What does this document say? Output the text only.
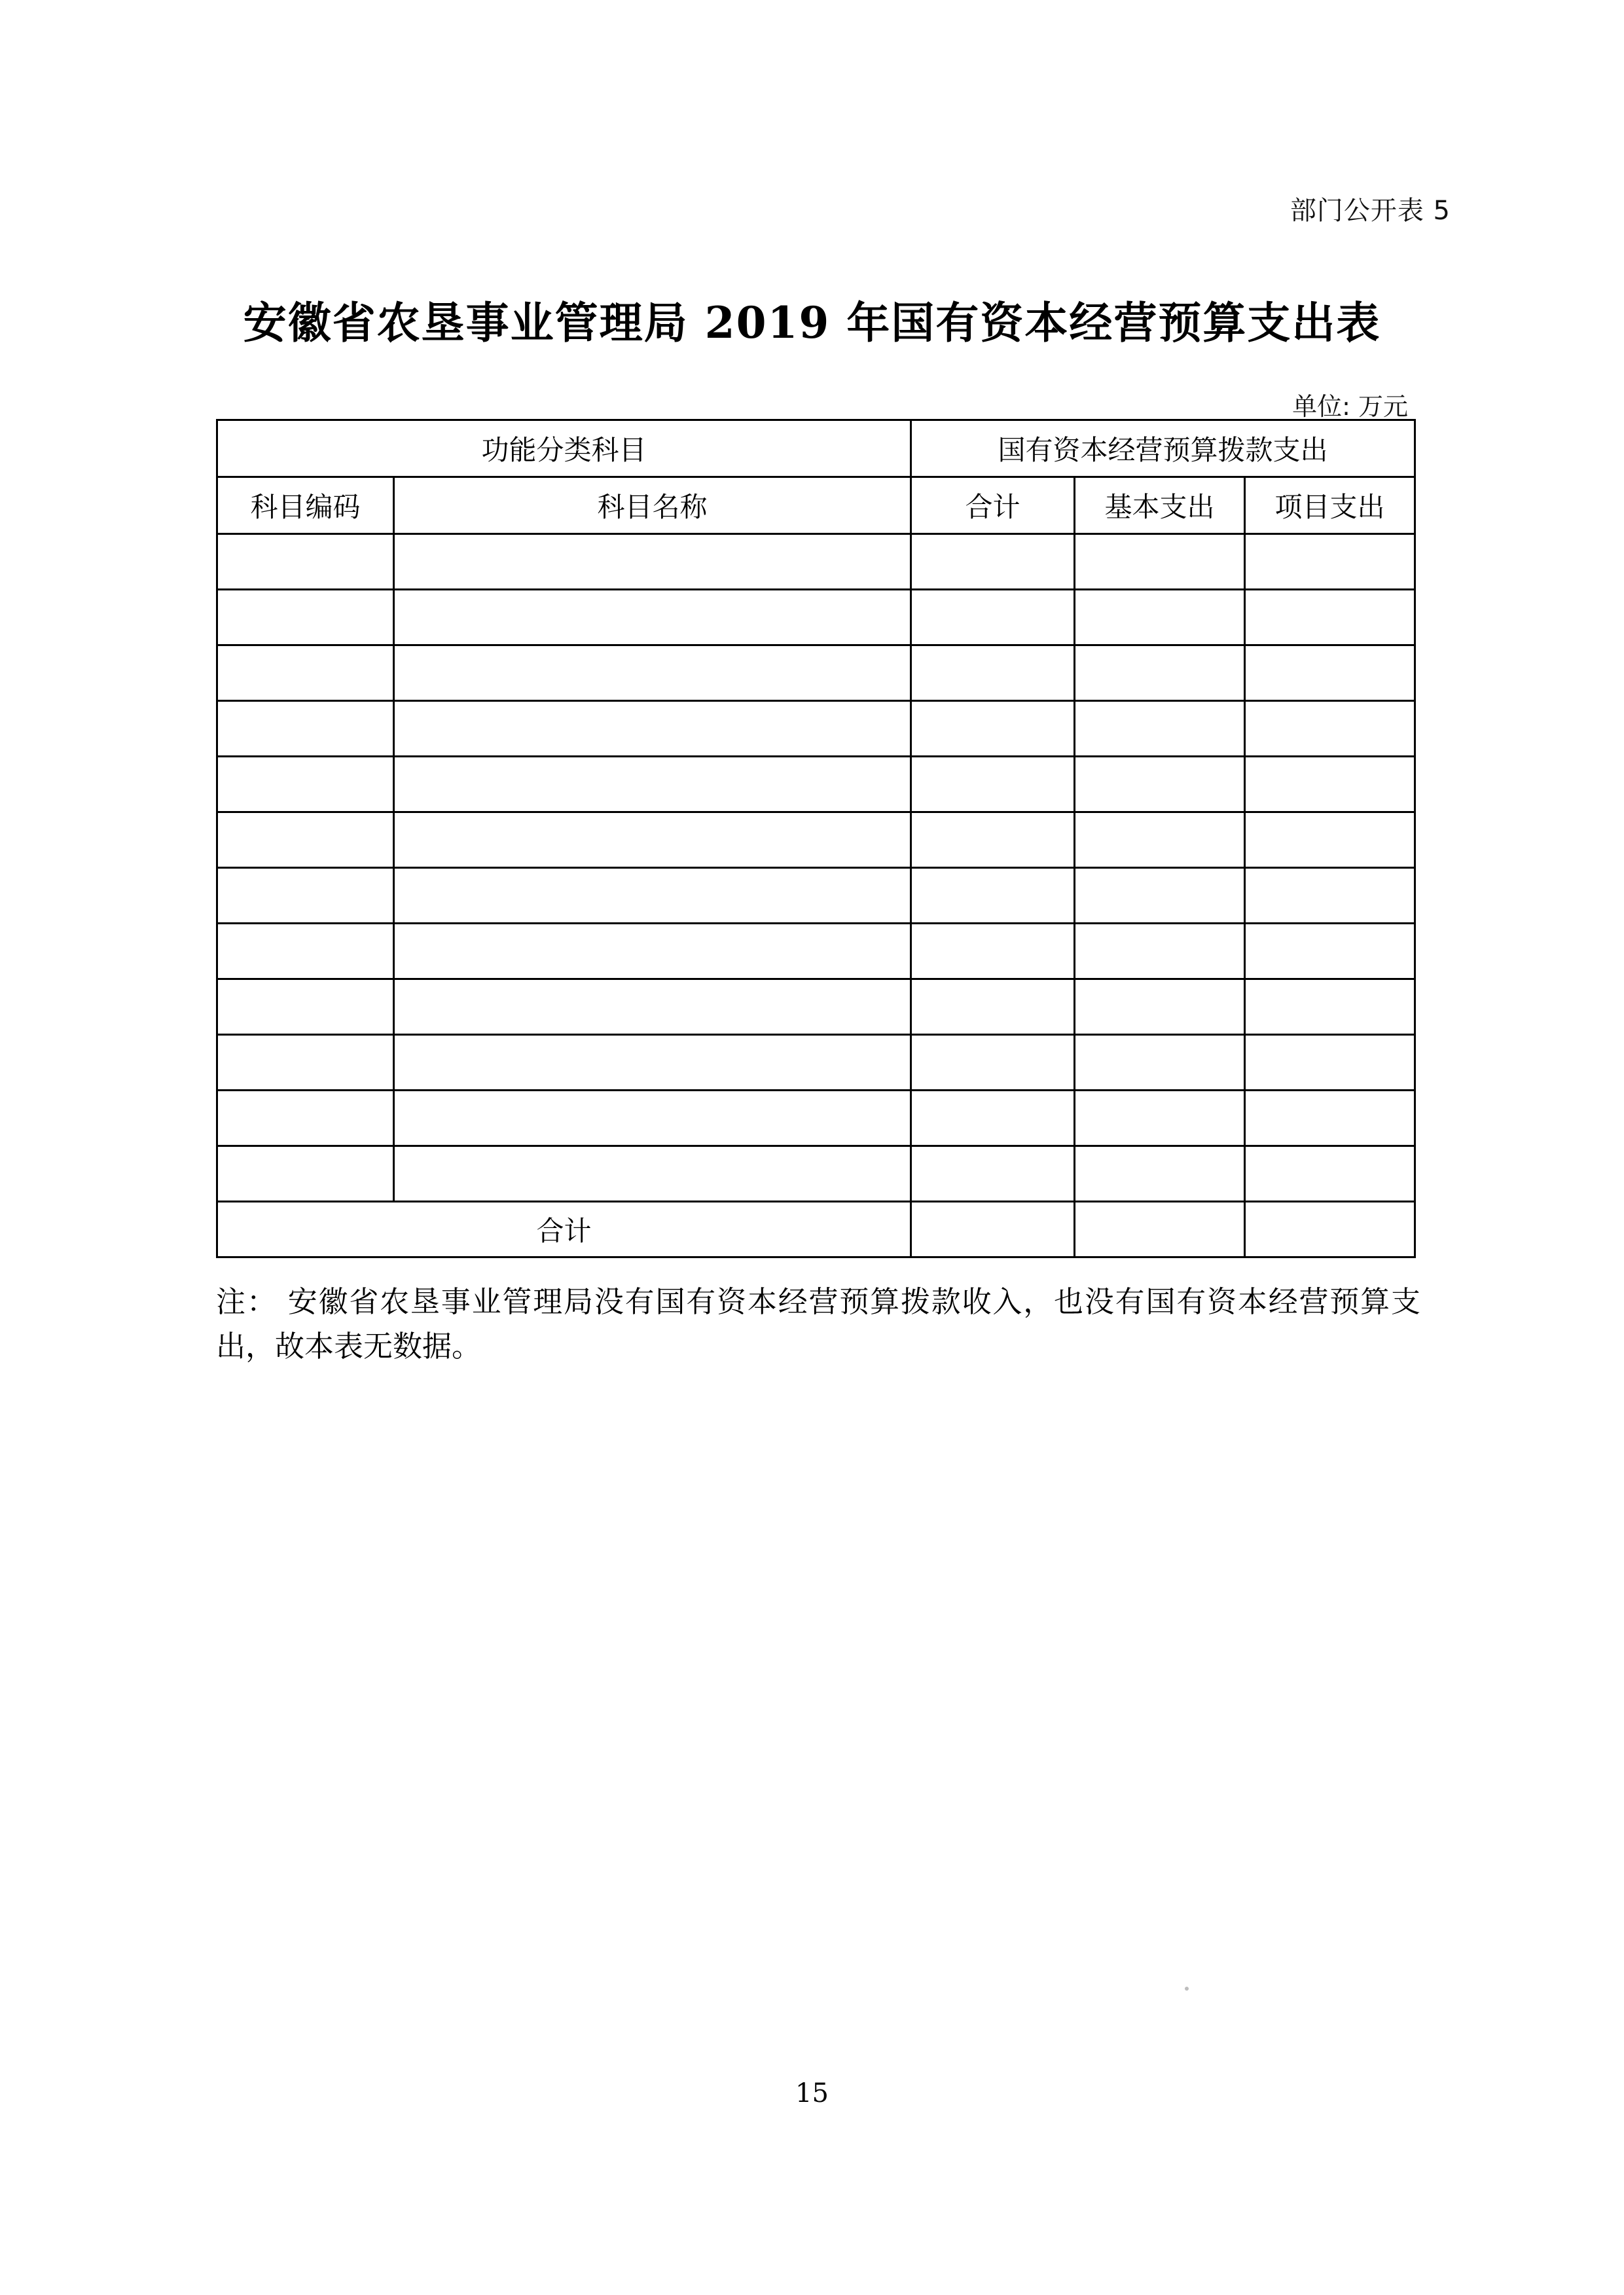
部门公开表 5
安徽省农垦事业管理局 2019 年国有资本经营预算支出表
单位: 万元
功能分类科目		国有资本经营预算拨款支出		
科目编码	科目名称	合计	基本支出	项目支出

合计				
注： 安徽省农垦事业管理局没有国有资本经营预算拨款收入，也没有国有资本经营预算支出，故本表无数据。
15
